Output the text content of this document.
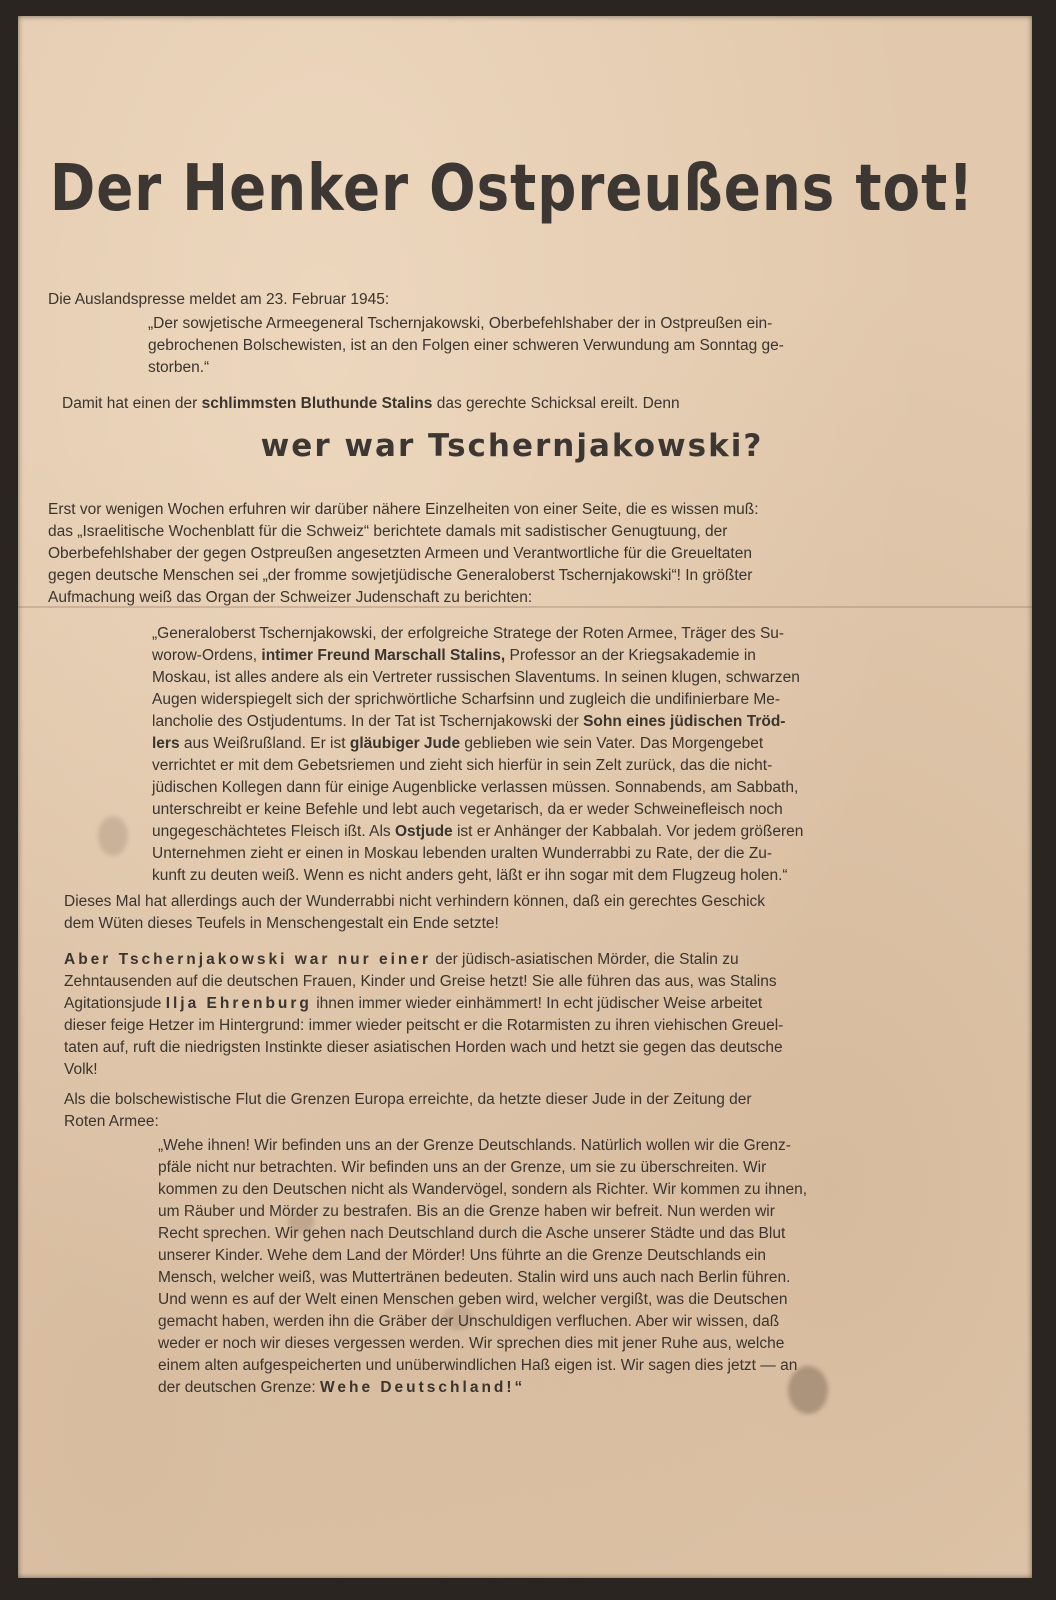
Der Henker Ostpreußens tot!
wer war Tschernjakowski?
Die Auslandspresse meldet am 23. Februar 1945:
„Der sowjetische Armeegeneral Tschernjakowski, Oberbefehlshaber der in Ostpreußen ein-
gebrochenen Bolschewisten, ist an den Folgen einer schweren Verwundung am Sonntag ge-
storben.“
Damit hat einen der schlimmsten Bluthunde Stalins das gerechte Schicksal ereilt. Denn
Erst vor wenigen Wochen erfuhren wir darüber nähere Einzelheiten von einer Seite, die es wissen muß:
das „Israelitische Wochenblatt für die Schweiz“ berichtete damals mit sadistischer Genugtuung, der
Oberbefehlshaber der gegen Ostpreußen angesetzten Armeen und Verantwortliche für die Greueltaten
gegen deutsche Menschen sei „der fromme sowjetjüdische Generaloberst Tschernjakowski“! In größter
Aufmachung weiß das Organ der Schweizer Judenschaft zu berichten:
„Generaloberst Tschernjakowski, der erfolgreiche Stratege der Roten Armee, Träger des Su-
worow-Ordens, intimer Freund Marschall Stalins, Professor an der Kriegsakademie in
Moskau, ist alles andere als ein Vertreter russischen Slaventums. In seinen klugen, schwarzen
Augen widerspiegelt sich der sprichwörtliche Scharfsinn und zugleich die undifinierbare Me-
lancholie des Ostjudentums. In der Tat ist Tschernjakowski der Sohn eines jüdischen Tröd-
lers aus Weißrußland. Er ist gläubiger Jude geblieben wie sein Vater. Das Morgengebet
verrichtet er mit dem Gebetsriemen und zieht sich hierfür in sein Zelt zurück, das die nicht-
jüdischen Kollegen dann für einige Augenblicke verlassen müssen. Sonnabends, am Sabbath,
unterschreibt er keine Befehle und lebt auch vegetarisch, da er weder Schweinefleisch noch
ungegeschächtetes Fleisch ißt. Als Ostjude ist er Anhänger der Kabbalah. Vor jedem größeren
Unternehmen zieht er einen in Moskau lebenden uralten Wunderrabbi zu Rate, der die Zu-
kunft zu deuten weiß. Wenn es nicht anders geht, läßt er ihn sogar mit dem Flugzeug holen.“
Dieses Mal hat allerdings auch der Wunderrabbi nicht verhindern können, daß ein gerechtes Geschick
dem Wüten dieses Teufels in Menschengestalt ein Ende setzte!
Aber Tschernjakowski war nur einer der jüdisch-asiatischen Mörder, die Stalin zu
Zehntausenden auf die deutschen Frauen, Kinder und Greise hetzt! Sie alle führen das aus, was Stalins
Agitationsjude Ilja Ehrenburg ihnen immer wieder einhämmert! In echt jüdischer Weise arbeitet
dieser feige Hetzer im Hintergrund: immer wieder peitscht er die Rotarmisten zu ihren viehischen Greuel-
taten auf, ruft die niedrigsten Instinkte dieser asiatischen Horden wach und hetzt sie gegen das deutsche
Volk!
Als die bolschewistische Flut die Grenzen Europa erreichte, da hetzte dieser Jude in der Zeitung der
Roten Armee:
„Wehe ihnen! Wir befinden uns an der Grenze Deutschlands. Natürlich wollen wir die Grenz-
pfäle nicht nur betrachten. Wir befinden uns an der Grenze, um sie zu überschreiten. Wir
kommen zu den Deutschen nicht als Wandervögel, sondern als Richter. Wir kommen zu ihnen,
um Räuber und Mörder zu bestrafen. Bis an die Grenze haben wir befreit. Nun werden wir
Recht sprechen. Wir gehen nach Deutschland durch die Asche unserer Städte und das Blut
unserer Kinder. Wehe dem Land der Mörder! Uns führte an die Grenze Deutschlands ein
Mensch, welcher weiß, was Muttertränen bedeuten. Stalin wird uns auch nach Berlin führen.
Und wenn es auf der Welt einen Menschen geben wird, welcher vergißt, was die Deutschen
gemacht haben, werden ihn die Gräber der Unschuldigen verfluchen. Aber wir wissen, daß
weder er noch wir dieses vergessen werden. Wir sprechen dies mit jener Ruhe aus, welche
einem alten aufgespeicherten und unüberwindlichen Haß eigen ist. Wir sagen dies jetzt — an
der deutschen Grenze: Wehe Deutschland!“
